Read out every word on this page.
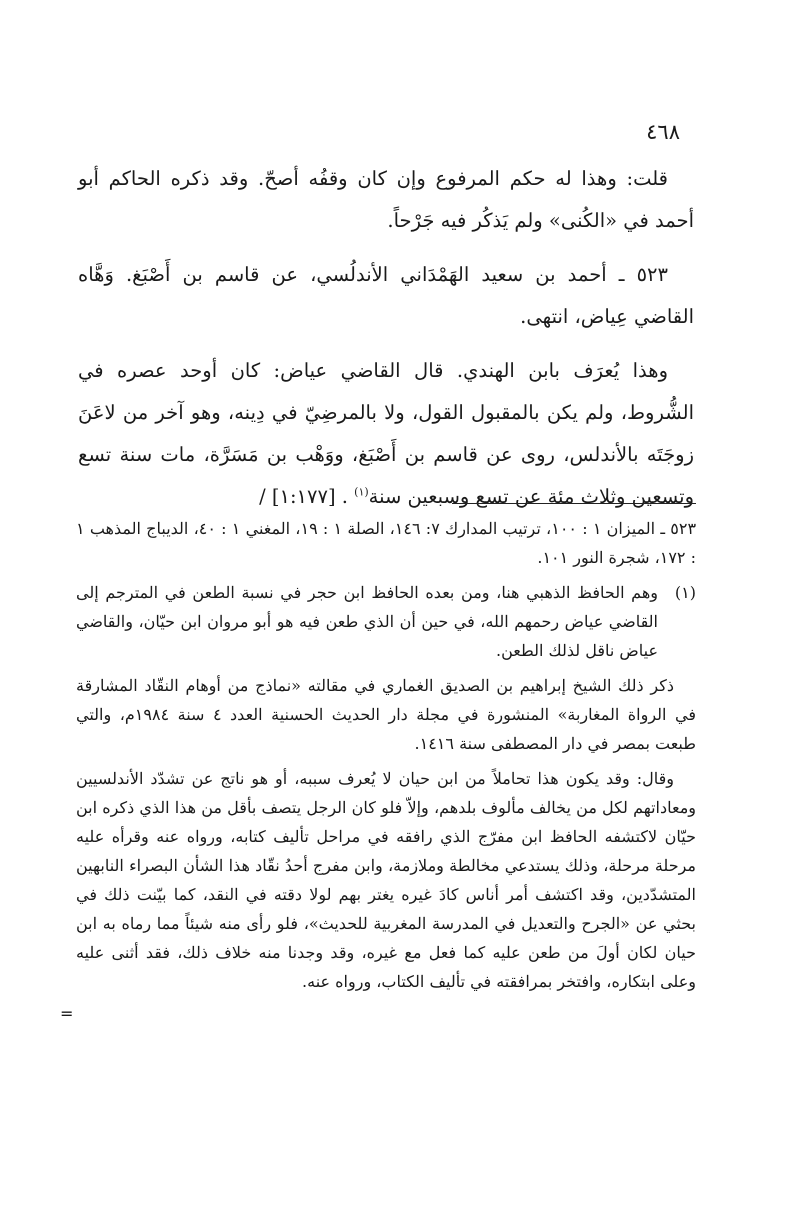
٤٦٨

قلت: وهذا له حكم المرفوع وإن كان وقفُه أصحّ. وقد ذكره الحاكم أبو أحمد في «الكُنى» ولم يَذكُر فيه جَرْحاً.

٥٢٣ ـ أحمد بن سعيد الهَمْدَاني الأندلُسي، عن قاسم بن أَصْبَغ. وَهَّاه القاضي عِياض، انتهى.

وهذا يُعرَف بابن الهندي. قال القاضي عياض: كان أوحد عصره في الشُّروط، ولم يكن بالمقبول القول، ولا بالمرضِيّ في دِينه، وهو آخر من لاعَنَ زوجَتَه بالأندلس، روى عن قاسم بن أَصْبَغ، ووَهْب بن مَسَرَّة، مات سنة تسع وتسعين وثلاث مئة عن تسع وسبعين سنة$^{(١)}$ . / [١:١٧٧]

٥٢٣ ـ الميزان ١ : ١٠٠، ترتيب المدارك ٧: ١٤٦، الصلة ١ : ١٩، المغني ١ : ٤٠، الديباج المذهب ١ : ١٧٢، شجرة النور ١٠١.
(١)
وهم الحافظ الذهبي هنا، ومن بعده الحافظ ابن حجر في نسبة الطعن في المترجم إلى القاضي عياض رحمهم الله، في حين أن الذي طعن فيه هو أبو مروان ابن حيّان، والقاضي عياض ناقل لذلك الطعن.
ذكر ذلك الشيخ إبراهيم بن الصديق الغماري في مقالته «نماذج من أوهام النقّاد المشارقة في الرواة المغاربة» المنشورة في مجلة دار الحديث الحسنية العدد ٤ سنة ١٩٨٤م، والتي طبعت بمصر في دار المصطفى سنة ١٤١٦.
وقال: وقد يكون هذا تحاملاً من ابن حيان لا يُعرف سببه، أو هو ناتج عن تشدّد الأندلسيين ومعاداتهم لكل من يخالف مألوف بلدهم، وإلاّ فلو كان الرجل يتصف بأقل من هذا الذي ذكره ابن حيّان لاكتشفه الحافظ ابن مفرّج الذي رافقه في مراحل تأليف كتابه، ورواه عنه وقرأه عليه مرحلة مرحلة، وذلك يستدعي مخالطة وملازمة، وابن مفرج أحدُ نقّاد هذا الشأن البصراء النابهين المتشدّدين، وقد اكتشف أمر أناس كادَ غيره يغتر بهم لولا دقته في النقد، كما بيّنت ذلك في بحثي عن «الجرح والتعديل في المدرسة المغربية للحديث»، فلو رأى منه شيئاً مما رماه به ابن حيان لكان أولَ من طعن عليه كما فعل مع غيره، وقد وجدنا منه خلاف ذلك، فقد أثنى عليه وعلى ابتكاره، وافتخر بمرافقته في تأليف الكتاب، ورواه عنه.
=
